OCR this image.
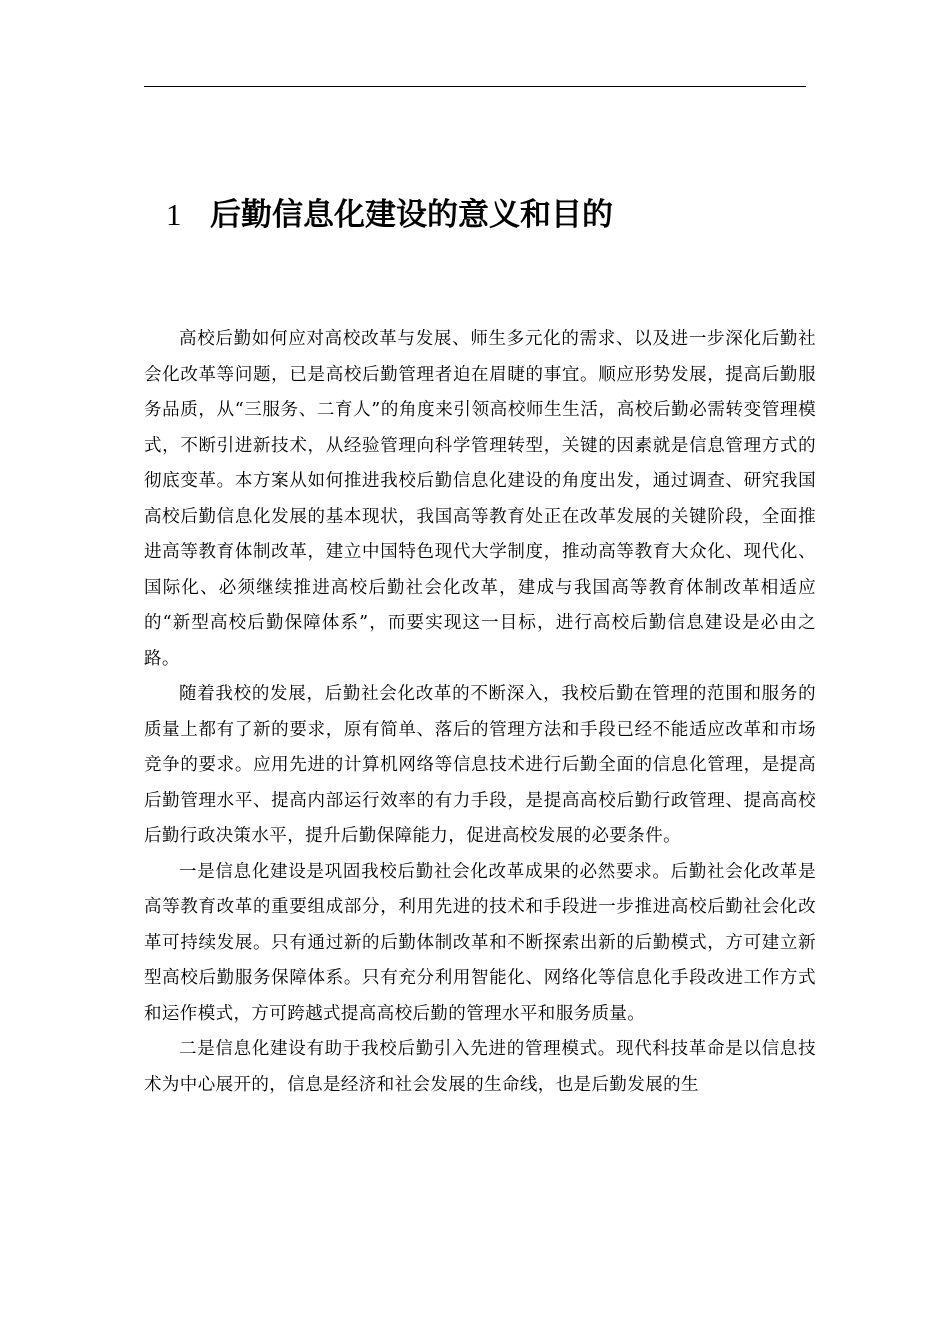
1 后勤信息化建设的意义和目的

高校后勤如何应对高校改革与发展、师生多元化的需求、以及进一步深化后勤社会化改革等问题，已是高校后勤管理者迫在眉睫的事宜。顺应形势发展，提高后勤服务品质，从“三服务、二育人”的角度来引领高校师生生活，高校后勤必需转变管理模式，不断引进新技术，从经验管理向科学管理转型，关键的因素就是信息管理方式的彻底变革。本方案从如何推进我校后勤信息化建设的角度出发，通过调查、研究我国高校后勤信息化发展的基本现状，我国高等教育处正在改革发展的关键阶段，全面推进高等教育体制改革，建立中国特色现代大学制度，推动高等教育大众化、现代化、国际化、必须继续推进高校后勤社会化改革，建成与我国高等教育体制改革相适应的“新型高校后勤保障体系”，而要实现这一目标，进行高校后勤信息建设是必由之路。

随着我校的发展，后勤社会化改革的不断深入，我校后勤在管理的范围和服务的质量上都有了新的要求，原有简单、落后的管理方法和手段已经不能适应改革和市场竞争的要求。应用先进的计算机网络等信息技术进行后勤全面的信息化管理，是提高后勤管理水平、提高内部运行效率的有力手段，是提高高校后勤行政管理、提高高校后勤行政决策水平，提升后勤保障能力，促进高校发展的必要条件。

一是信息化建设是巩固我校后勤社会化改革成果的必然要求。后勤社会化改革是高等教育改革的重要组成部分，利用先进的技术和手段进一步推进高校后勤社会化改革可持续发展。只有通过新的后勤体制改革和不断探索出新的后勤模式，方可建立新型高校后勤服务保障体系。只有充分利用智能化、网络化等信息化手段改进工作方式和运作模式，方可跨越式提高高校后勤的管理水平和服务质量。

二是信息化建设有助于我校后勤引入先进的管理模式。现代科技革命是以信息技术为中心展开的，信息是经济和社会发展的生命线，也是后勤发展的生
